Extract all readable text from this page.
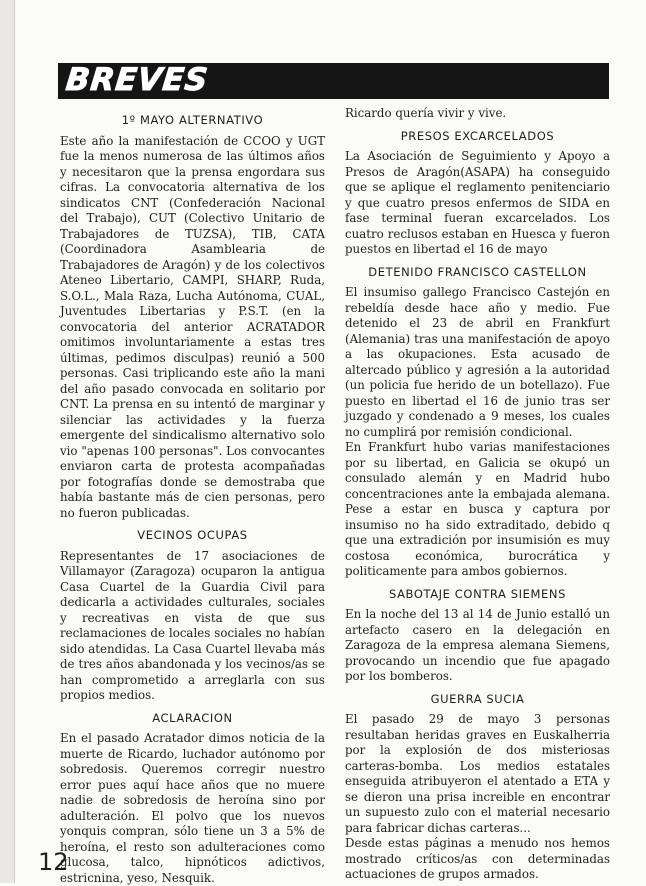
BREVES
1º MAYO ALTERNATIVO
Este año la manifestación de CCOO y UGT fue la menos numerosa de las últimos años y necesitaron que la prensa engordara sus cifras. La convocatoria alternativa de los sindicatos CNT (Confederación Nacional del Trabajo), CUT (Colectivo Unitario de Trabajadores de TUZSA), TIB, CATA (Coordinadora Asamblearia de Trabajadores de Aragón) y de los colectivos Ateneo Libertario, CAMPI, SHARP, Ruda, S.O.L., Mala Raza, Lucha Autónoma, CUAL, Juventudes Libertarias y P.S.T. (en la convocatoria del anterior ACRATADOR omitimos involuntariamente a estas tres últimas, pedimos disculpas) reunió a 500 personas. Casi triplicando este año la mani del año pasado convocada en solitario por CNT. La prensa en su intentó de marginar y silenciar las actividades y la fuerza emergente del sindicalismo alternativo solo vio "apenas 100 personas". Los convocantes enviaron carta de protesta acompañadas por fotografías donde se demostraba que había bastante más de cien personas, pero no fueron publicadas.
VECINOS OCUPAS
Representantes de 17 asociaciones de Villamayor (Zaragoza) ocuparon la antigua Casa Cuartel de la Guardia Civil para dedicarla a actividades culturales, sociales y recreativas en vista de que sus reclamaciones de locales sociales no habían sido atendidas. La Casa Cuartel llevaba más de tres años abandonada y los vecinos/as se han comprometido a arreglarla con sus propios medios.
ACLARACION
En el pasado Acratador dimos noticia de la muerte de Ricardo, luchador autónomo por sobredosis. Queremos corregir nuestro error pues aquí hace años que no muere nadie de sobredosis de heroína sino por adulteración. El polvo que los nuevos yonquis compran, sólo tiene un 3 a 5% de heroína, el resto son adulteraciones como glucosa, talco, hipnóticos adictivos, estricnina, yeso, Nesquik.
Ricardo quería vivir y vive.
PRESOS EXCARCELADOS
La Asociación de Seguimiento y Apoyo a Presos de Aragón(ASAPA) ha conseguido que se aplique el reglamento penitenciario y que cuatro presos enfermos de SIDA en fase terminal fueran excarcelados. Los cuatro reclusos estaban en Huesca y fueron puestos en libertad el 16 de mayo
DETENIDO FRANCISCO CASTELLON
El insumiso gallego Francisco Castejón en rebeldía desde hace año y medio. Fue detenido el 23 de abril en Frankfurt (Alemania) tras una manifestación de apoyo a las okupaciones. Esta acusado de altercado público y agresión a la autoridad (un policia fue herido de un botellazo). Fue puesto en libertad el 16 de junio tras ser juzgado y condenado a 9 meses, los cuales no cumplirá por remisión condicional.
En Frankfurt hubo varias manifestaciones por su libertad, en Galicia se okupó un consulado alemán y en Madrid hubo concentraciones ante la embajada alemana. Pese a estar en busca y captura por insumiso no ha sido extraditado, debido q que una extradición por insumisión es muy costosa económica, burocrática y politicamente para ambos gobiernos.
SABOTAJE CONTRA SIEMENS
En la noche del 13 al 14 de Junio estalló un artefacto casero en la delegación en Zaragoza de la empresa alemana Siemens, provocando un incendio que fue apagado por los bomberos.
GUERRA SUCIA
El pasado 29 de mayo 3 personas resultaban heridas graves en Euskalherria por la explosión de dos misteriosas carteras-bomba. Los medios estatales enseguida atribuyeron el atentado a ETA y se dieron una prisa increible en encontrar un supuesto zulo con el material necesario para fabricar dichas carteras...
Desde estas páginas a menudo nos hemos mostrado críticos/as con determinadas actuaciones de grupos armados.
12
